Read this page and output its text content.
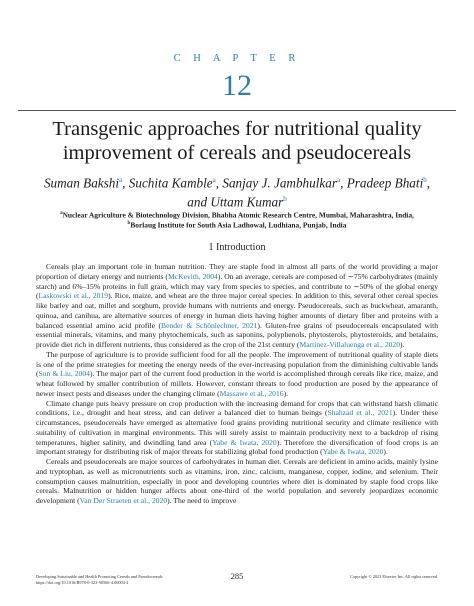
C H A P T E R
12
Transgenic approaches for nutritional quality
improvement of cereals and pseudocereals
Suman Bakshi$^a$, Suchita Kamble$^a$, Sanjay J. Jambhulkar$^a$, Pradeep Bhati$^b$,
and Uttam Kumar$^b$
$^a$Nuclear Agriculture & Biotechnology Division, Bhabha Atomic Research Centre, Mumbai, Maharashtra, India,
$^b$Borlaug Institute for South Asia Ladhowal, Ludhiana, Punjab, India
1 Introduction

Cereals play an important role in human nutrition. They are staple food in almost all parts of the world providing a major proportion of dietary energy and nutrients (McKevith, 2004). On an average, cereals are composed of ∼75% carbohydrates (mainly starch) and 6%–15% proteins in full grain, which may vary from species to species, and contribute to ∼50% of the global energy (Laskowski et al., 2019). Rice, maize, and wheat are the three major cereal species. In addition to this, several other cereal species like barley and oat, millet and sorghum, provide humans with nutrients and energy. Pseudocereals, such as buckwheat, amaranth, quinoa, and canihua, are alternative sources of energy in human diets having higher amounts of dietary fiber and proteins with a balanced essential amino acid profile (Bender & Schönlechner, 2021). Gluten-free grains of pseudocereals encapsulated with essential minerals, vitamins, and many phytochemicals, such as saponins, polyphenols, phytosterols, phytosteroids, and betalains, provide diet rich in different nutrients, thus considered as the crop of the 21st century (Martínez-Villaluenga et al., 2020).

The purpose of agriculture is to provide sufficient food for all the people. The improvement of nutritional quality of staple diets is one of the prime strategies for meeting the energy needs of the ever-increasing population from the diminishing cultivable lands (Sun & Liu, 2004). The major part of the current food production in the world is accomplished through cereals like rice, maize, and wheat followed by smaller contribution of millets. However, constant threats to food production are posed by the appearance of newer insect pests and diseases under the changing climate (Massawe et al., 2016).

Climate change puts heavy pressure on crop production with the increasing demand for crops that can withstand harsh climatic conditions, i.e., drought and heat stress, and can deliver a balanced diet to human beings (Shahzad et al., 2021). Under these circumstances, pseudocereals have emerged as alternative food grains providing nutritional security and climate resilience with suitability of cultivation in marginal environments. This will surely assist to maintain productivity next to a backdrop of rising temperatures, higher salinity, and dwindling land area (Yabe & Iwata, 2020). Therefore the diversification of food crops is an important strategy for distributing risk of major threats for stabilizing global food production (Yabe & Iwata, 2020).

Cereals and pseudocereals are major sources of carbohydrates in human diet. Cereals are deficient in amino acids, mainly lysine and tryptophan, as well as micronutrients such as vitamins, iron, zinc, calcium, manganese, copper, iodine, and selenium. Their consumption causes malnutrition, especially in poor and developing countries where diet is dominated by staple food crops like cereals. Malnutrition or hidden hunger affects about one-third of the world population and severely jeopardizes economic development (Van Der Straeten et al., 2020). The need to improve

285
Developing Sustainable and Health Promoting Cereals and Pseudocereals
https://doi.org/10.1016/B978-0-323-90566-4.00004-2
Copyright © 2023 Elsevier Inc. All rights reserved.
